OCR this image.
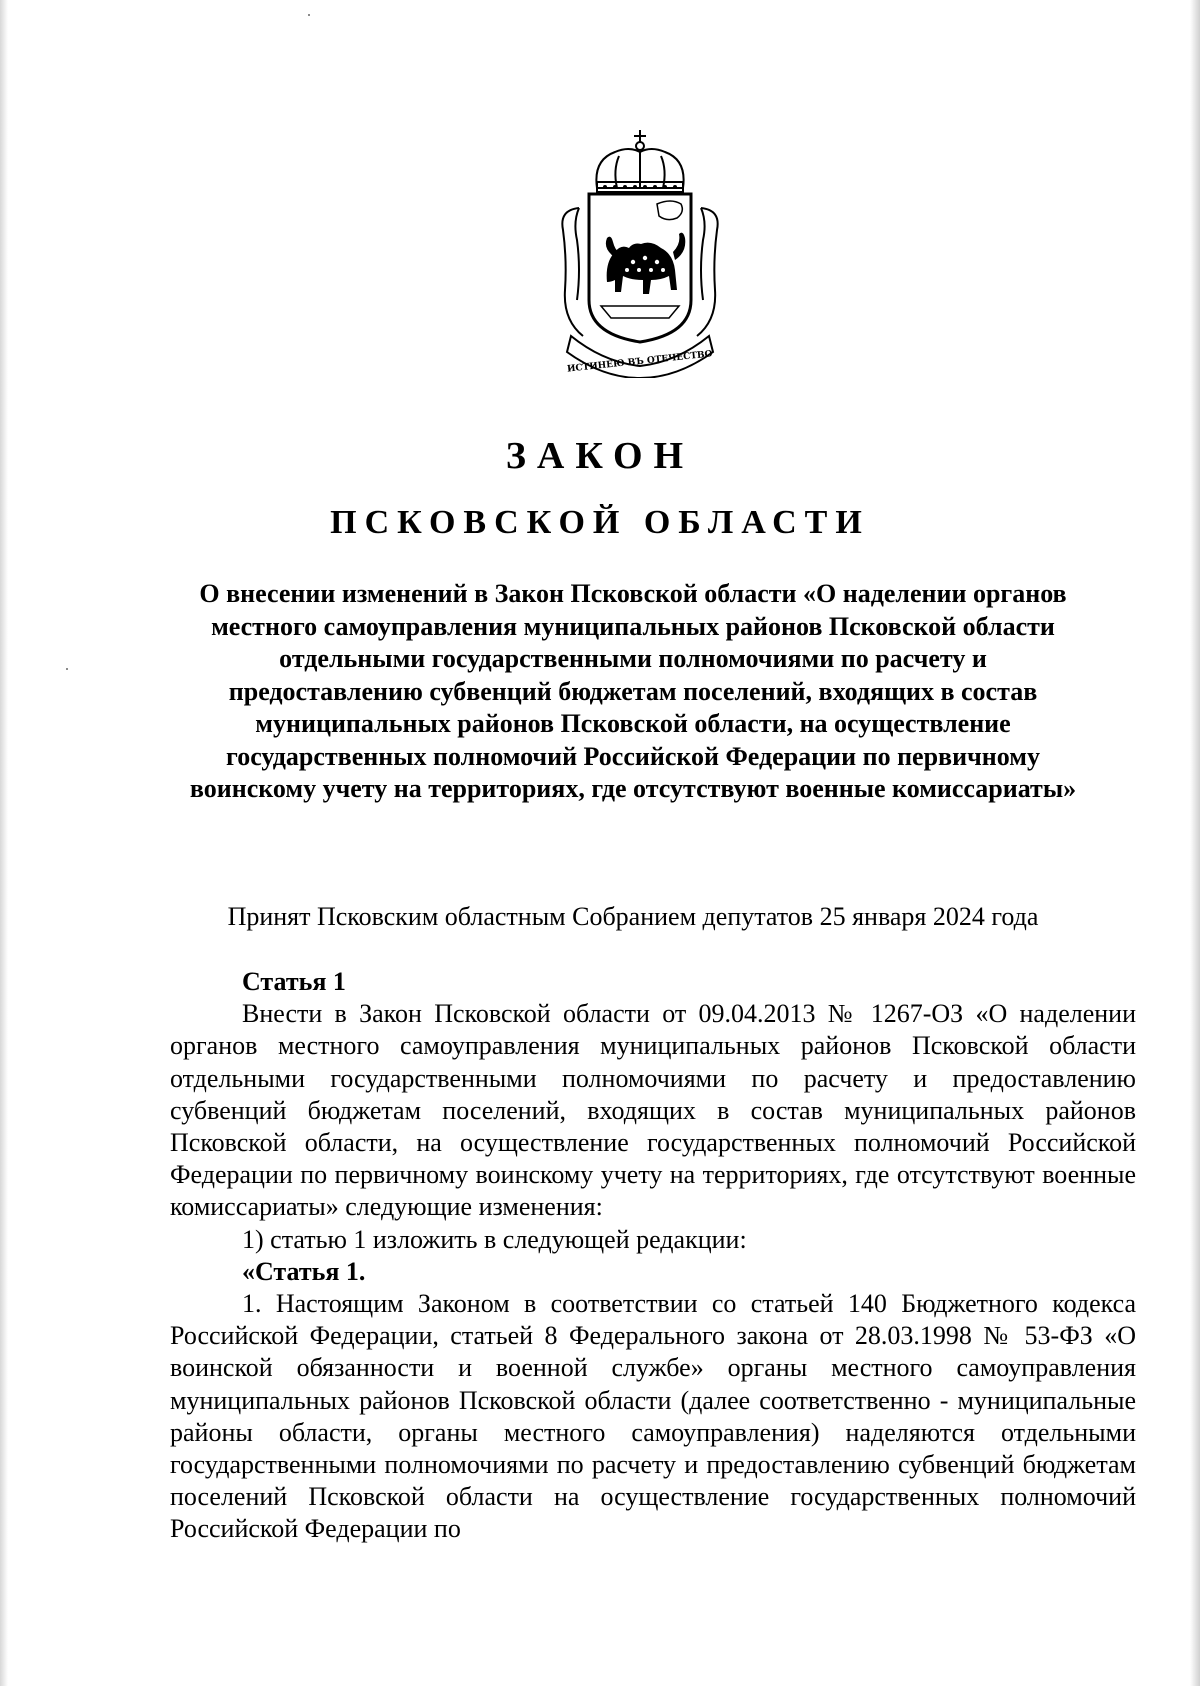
ИСТИНЕЮ ВЪ ОТЕЧЕСТВО
ЗАКОН
ПСКОВСКОЙ ОБЛАСТИ
О внесении изменений в Закон Псковской области «О наделении органов
местного самоуправления муниципальных районов Псковской области
отдельными государственными полномочиями по расчету и
предоставлению субвенций бюджетам поселений, входящих в состав
муниципальных районов Псковской области, на осуществление
государственных полномочий Российской Федерации по первичному
воинскому учету на территориях, где отсутствуют военные комиссариаты»
Принят Псковским областным Собранием депутатов 25 января 2024 года

Статья 1

Внести в Закон Псковской области от 09.04.2013 № 1267-ОЗ «О наделении органов местного самоуправления муниципальных районов Псковской области отдельными государственными полномочиями по расчету и предоставлению субвенций бюджетам поселений, входящих в состав муниципальных районов Псковской области, на осуществление государственных полномочий Российской Федерации по первичному воинскому учету на территориях, где отсутствуют военные комиссариаты» следующие изменения:

1) статью 1 изложить в следующей редакции:

«Статья 1.

1. Настоящим Законом в соответствии со статьей 140 Бюджетного кодекса Российской Федерации, статьей 8 Федерального закона от 28.03.1998 № 53-ФЗ «О воинской обязанности и военной службе» органы местного самоуправления муниципальных районов Псковской области (далее соответственно - муниципальные районы области, органы местного самоуправления) наделяются отдельными государственными полномочиями по расчету и предоставлению субвенций бюджетам поселений Псковской области на осуществление государственных полномочий Российской Федерации по
